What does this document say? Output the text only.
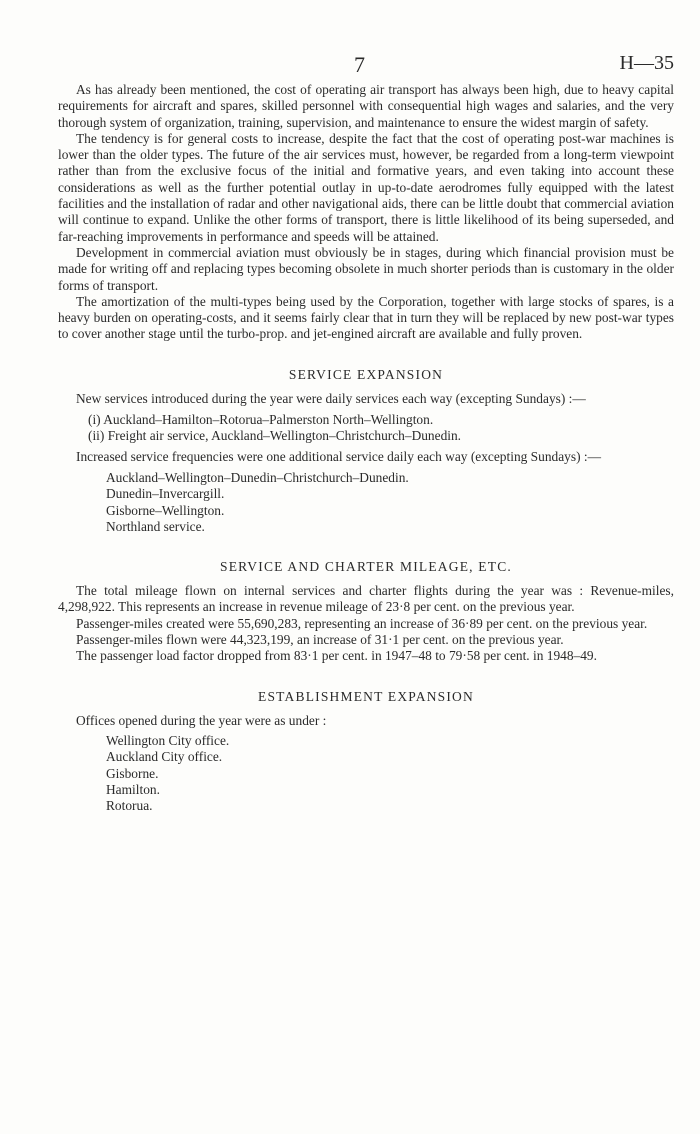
7	H—35

As has already been mentioned, the cost of operating air transport has always been high, due to heavy capital requirements for aircraft and spares, skilled personnel with consequential high wages and salaries, and the very thorough system of organization, training, supervision, and maintenance to ensure the widest margin of safety.

The tendency is for general costs to increase, despite the fact that the cost of operating post-war machines is lower than the older types. The future of the air services must, however, be regarded from a long-term viewpoint rather than from the exclusive focus of the initial and formative years, and even taking into account these considerations as well as the further potential outlay in up-to-date aerodromes fully equipped with the latest facilities and the installation of radar and other navigational aids, there can be little doubt that commercial aviation will continue to expand. Unlike the other forms of transport, there is little likelihood of its being superseded, and far-reaching improvements in performance and speeds will be attained.

Development in commercial aviation must obviously be in stages, during which financial provision must be made for writing off and replacing types becoming obsolete in much shorter periods than is customary in the older forms of transport.

The amortization of the multi-types being used by the Corporation, together with large stocks of spares, is a heavy burden on operating-costs, and it seems fairly clear that in turn they will be replaced by new post-war types to cover another stage until the turbo-prop. and jet-engined aircraft are available and fully proven.

SERVICE EXPANSION

New services introduced during the year were daily services each way (excepting Sundays) :—

(i) Auckland–Hamilton–Rotorua–Palmerston North–Wellington.
(ii) Freight air service, Auckland–Wellington–Christchurch–Dunedin.

Increased service frequencies were one additional service daily each way (excepting Sundays) :—

Auckland–Wellington–Dunedin–Christchurch–Dunedin.
Dunedin–Invercargill.
Gisborne–Wellington.
Northland service.
SERVICE AND CHARTER MILEAGE, ETC.

The total mileage flown on internal services and charter flights during the year was : Revenue-miles, 4,298,922. This represents an increase in revenue mileage of 23·8 per cent. on the previous year.

Passenger-miles created were 55,690,283, representing an increase of 36·89 per cent. on the previous year.

Passenger-miles flown were 44,323,199, an increase of 31·1 per cent. on the previous year.

The passenger load factor dropped from 83·1 per cent. in 1947–48 to 79·58 per cent. in 1948–49.

ESTABLISHMENT EXPANSION

Offices opened during the year were as under :

Wellington City office.
Auckland City office.
Gisborne.
Hamilton.
Rotorua.
